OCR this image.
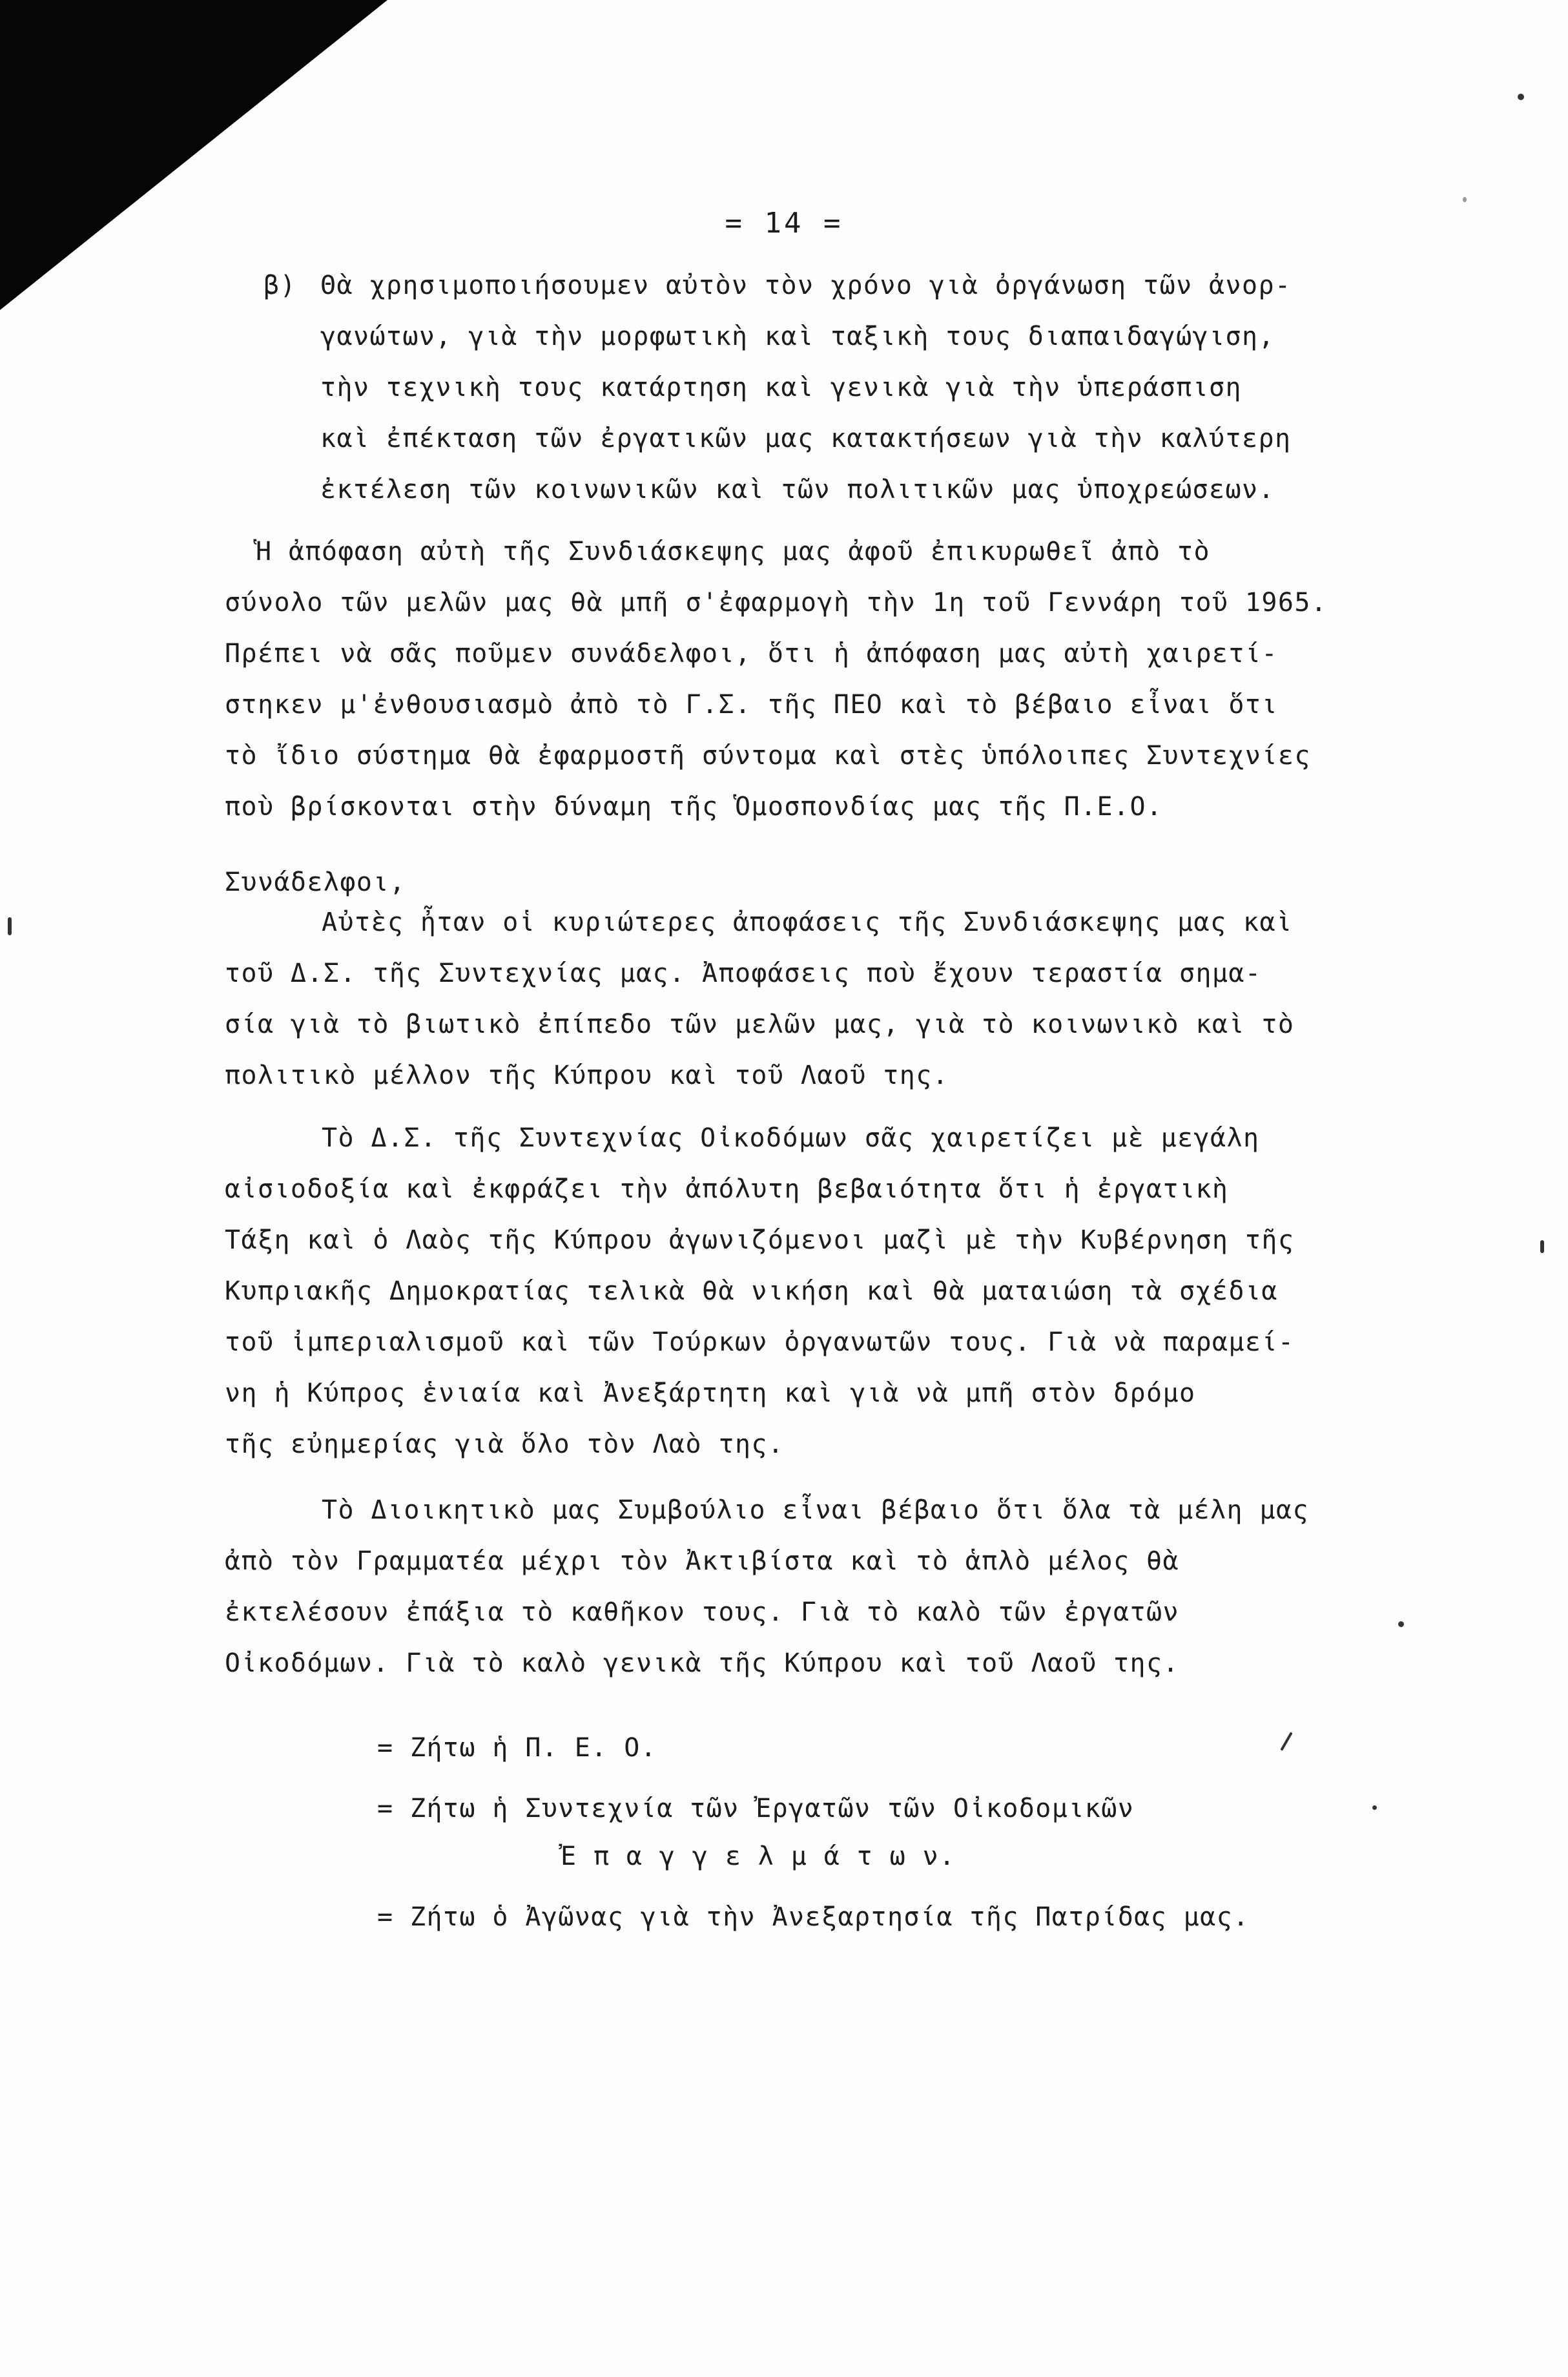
= 14 =
β) Θὰ χρησιμοποιήσουμεν αὐτὸν τὸν χρόνο γιὰ ὀργάνωση τῶν ἀνορ-
γανώτων, γιὰ τὴν μορφωτικὴ καὶ ταξικὴ τους διαπαιδαγώγιση,
τὴν τεχνικὴ τους κατάρτηση καὶ γενικὰ γιὰ τὴν ὑπεράσπιση
καὶ ἐπέκταση τῶν ἐργατικῶν μας κατακτήσεων γιὰ τὴν καλύτερη
ἐκτέλεση τῶν κοινωνικῶν καὶ τῶν πολιτικῶν μας ὑποχρεώσεων.
Ἡ ἀπόφαση αὐτὴ τῆς Συνδιάσκεψης μας ἀφοῦ ἐπικυρωθεῖ ἀπὸ τὸ
σύνολο τῶν μελῶν μας θὰ μπῆ σ'ἐφαρμογὴ τὴν 1η τοῦ Γεννάρη τοῦ 1965.
Πρέπει νὰ σᾶς ποῦμεν συνάδελφοι, ὅτι ἡ ἀπόφαση μας αὐτὴ χαιρετί-
στηκεν μ'ἐνθουσιασμὸ ἀπὸ τὸ Γ.Σ. τῆς ΠΕΟ καὶ τὸ βέβαιο εἶναι ὅτι
τὸ ἴδιο σύστημα θὰ ἐφαρμοστῆ σύντομα καὶ στὲς ὑπόλοιπες Συντεχνίες
ποὺ βρίσκονται στὴν δύναμη τῆς Ὁμοσπονδίας μας τῆς Π.Ε.Ο.
Συνάδελφοι,
Αὐτὲς ἦταν οἱ κυριώτερες ἀποφάσεις τῆς Συνδιάσκεψης μας καὶ
τοῦ Δ.Σ. τῆς Συντεχνίας μας. Ἀποφάσεις ποὺ ἔχουν τεραστία σημα-
σία γιὰ τὸ βιωτικὸ ἐπίπεδο τῶν μελῶν μας, γιὰ τὸ κοινωνικὸ καὶ τὸ
πολιτικὸ μέλλον τῆς Κύπρου καὶ τοῦ Λαοῦ της.
Τὸ Δ.Σ. τῆς Συντεχνίας Οἰκοδόμων σᾶς χαιρετίζει μὲ μεγάλη
αἰσιοδοξία καὶ ἐκφράζει τὴν ἀπόλυτη βεβαιότητα ὅτι ἡ ἐργατικὴ
Τάξη καὶ ὁ Λαὸς τῆς Κύπρου ἀγωνιζόμενοι μαζὶ μὲ τὴν Κυβέρνηση τῆς
Κυπριακῆς Δημοκρατίας τελικὰ θὰ νικήση καὶ θὰ ματαιώση τὰ σχέδια
τοῦ ἰμπεριαλισμοῦ καὶ τῶν Τούρκων ὀργανωτῶν τους. Γιὰ νὰ παραμεί-
νη ἡ Κύπρος ἑνιαία καὶ Ἀνεξάρτητη καὶ γιὰ νὰ μπῆ στὸν δρόμο
τῆς εὐημερίας γιὰ ὅλο τὸν Λαὸ της.
Τὸ Διοικητικὸ μας Συμβούλιο εἶναι βέβαιο ὅτι ὅλα τὰ μέλη μας
ἀπὸ τὸν Γραμματέα μέχρι τὸν Ἀκτιβίστα καὶ τὸ ἁπλὸ μέλος θὰ
ἐκτελέσουν ἐπάξια τὸ καθῆκον τους. Γιὰ τὸ καλὸ τῶν ἐργατῶν
Οἰκοδόμων. Γιὰ τὸ καλὸ γενικὰ τῆς Κύπρου καὶ τοῦ Λαοῦ της.
= Ζήτω ἡ Π. Ε. Ο.
= Ζήτω ἡ Συντεχνία τῶν Ἐργατῶν τῶν Οἰκοδομικῶν
Ἐ π α γ γ ε λ μ ά τ ω ν.
= Ζήτω ὁ Ἀγῶνας γιὰ τὴν Ἀνεξαρτησία τῆς Πατρίδας μας.
